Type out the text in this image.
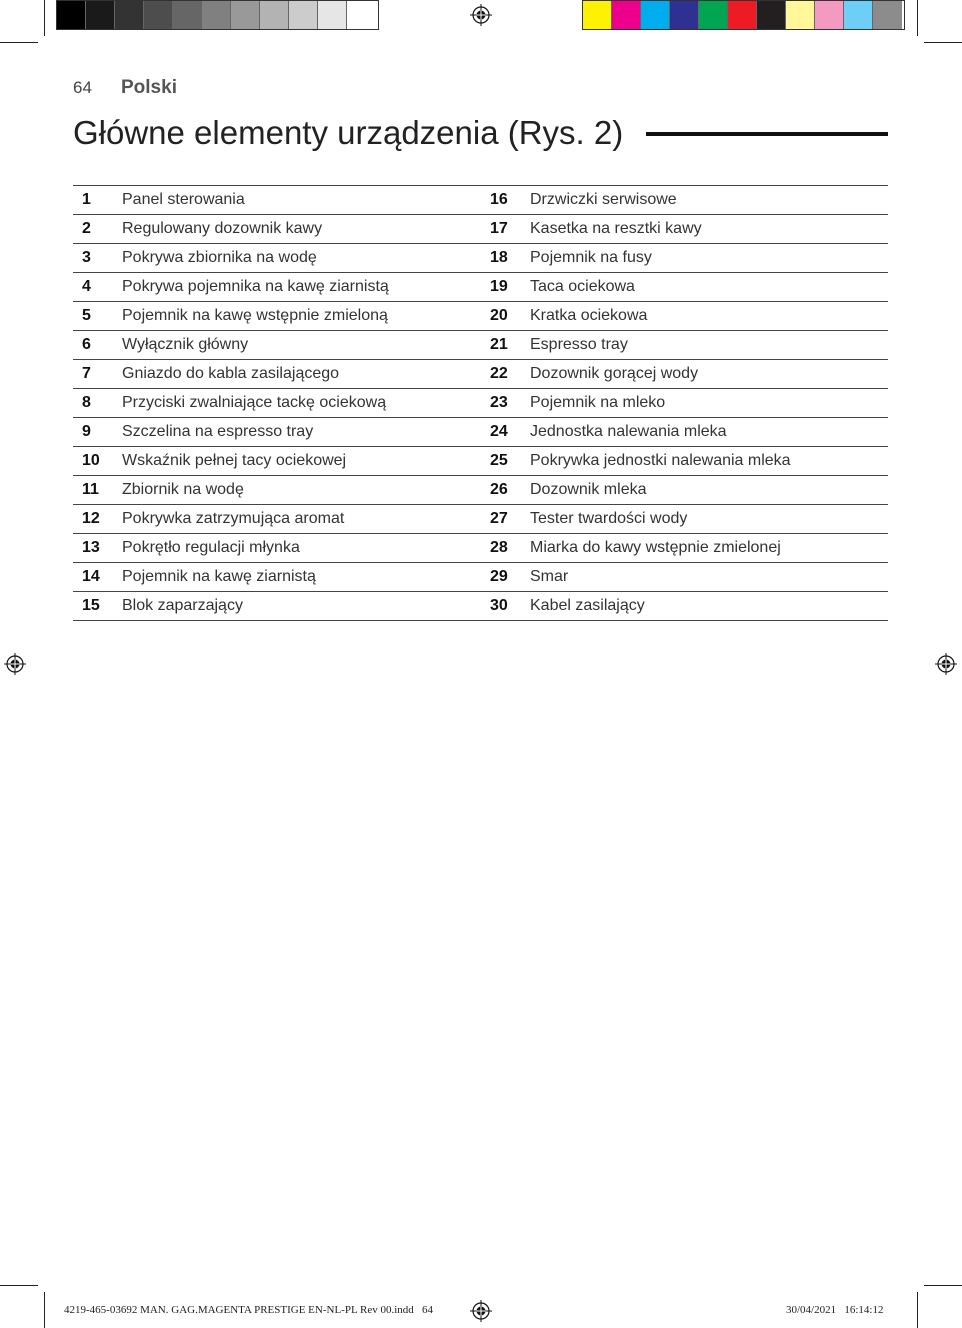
64 Polski
Główne elementy urządzenia (Rys. 2)
1	Panel sterowania	16	Drzwiczki serwisowe
2	Regulowany dozownik kawy	17	Kasetka na resztki kawy
3	Pokrywa zbiornika na wodę	18	Pojemnik na fusy
4	Pokrywa pojemnika na kawę ziarnistą	19	Taca ociekowa
5	Pojemnik na kawę wstępnie zmieloną	20	Kratka ociekowa
6	Wyłącznik główny	21	Espresso tray
7	Gniazdo do kabla zasilającego	22	Dozownik gorącej wody
8	Przyciski zwalniające tackę ociekową	23	Pojemnik na mleko
9	Szczelina na espresso tray	24	Jednostka nalewania mleka
10	Wskaźnik pełnej tacy ociekowej	25	Pokrywka jednostki nalewania mleka
11	Zbiornik na wodę	26	Dozownik mleka
12	Pokrywka zatrzymująca aromat	27	Tester twardości wody
13	Pokrętło regulacji młynka	28	Miarka do kawy wstępnie zmielonej
14	Pojemnik na kawę ziarnistą	29	Smar
15	Blok zaparzający	30	Kabel zasilający
4219-465-03692 MAN. GAG.MAGENTA PRESTIGE EN-NL-PL Rev 00.indd   64	30/04/2021   16:14:12
